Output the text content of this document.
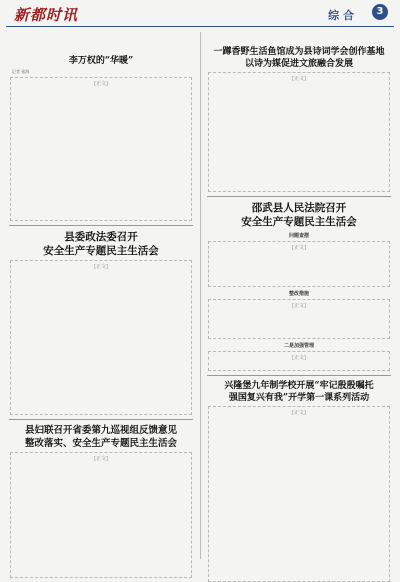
新都时讯	综 合	3
李万权的“华暖”
记者 张海
[正文]
县委政法委召开
安全生产专题民主生活会
[正文]
县妇联召开省委第九巡视组反馈意见
整改落实、安全生产专题民主生活会
[正文]
一蹲香野生活鱼馆成为县诗词学会创作基地
以诗为媒促进文旅融合发展
[正文]
邵武县人民法院召开
安全生产专题民主生活会
问题查摆
[正文]
整改措施
[正文]
二是加强管理
[正文]
兴隆堡九年制学校开展“牢记殷殷嘱托
强国复兴有我”开学第一课系列活动
[正文]
